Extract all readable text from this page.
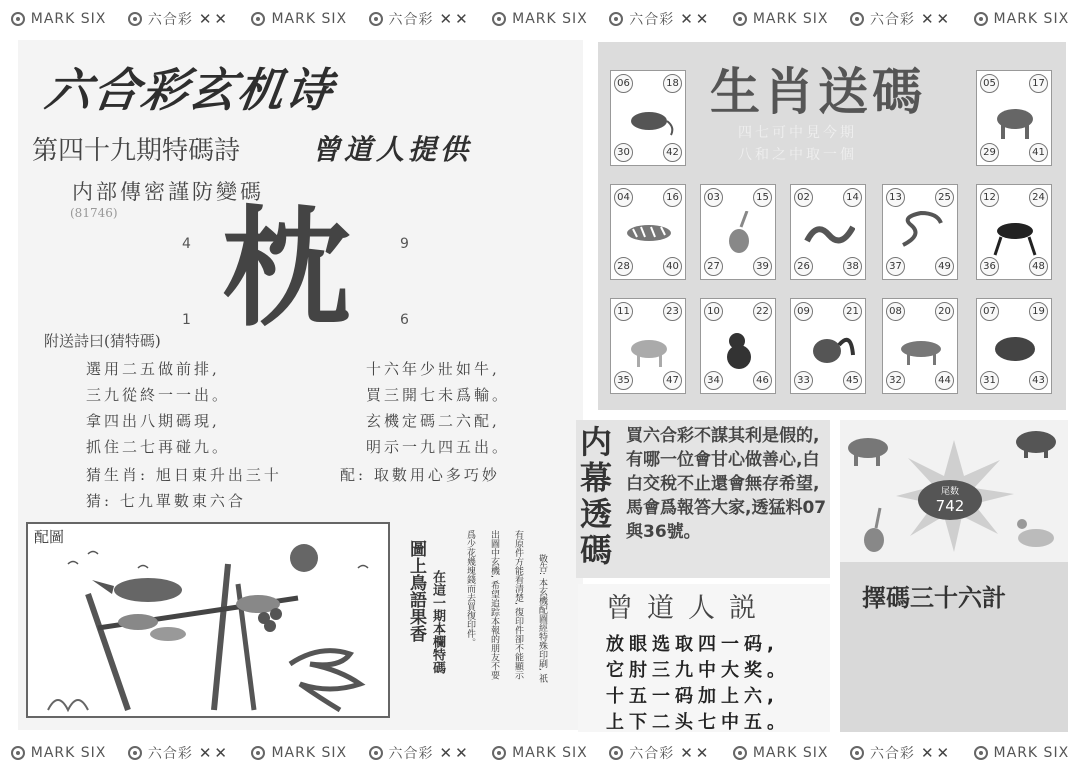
MARK SIX	六合彩 ✕✕	MARK SIX	六合彩 ✕✕	MARK SIX	六合彩 ✕✕	MARK SIX	六合彩 ✕✕	MARK SIX
MARK SIX	六合彩 ✕✕	MARK SIX	六合彩 ✕✕	MARK SIX	六合彩 ✕✕	MARK SIX	六合彩 ✕✕	MARK SIX
六合彩玄机诗
第四十九期特碼詩	曾道人提供
内部傳密謹防變碼
(81746) 枕
4	9
1	6
附送詩曰(猜特碼)
選用二五做前排,
三九從終一一出。
拿四出八期碼現,
抓住二七再碰九。
十六年少壯如牛,
買三開七未爲輸。
玄機定碼二六配,
明示一九四五出。
猜生肖: 旭日東升出三十	配: 取數用心多巧妙
猜: 七九單數東六合
配圖
圖上鳥語果香 在這一期本欄特碼	敬告: 本玄機配圖經特殊印刷, 祇
有原件方能看清楚, 復印件卻不能顯示
出圖中玄機, 希望追踪本報的朋友不要
爲少花幾塊錢而去買復印件。
生肖送碼
四七可中見今期
八和之中取一個
06	18
30	42
05	17
29	41
04	16
28	40
03	15
27	39
02	14
26	38
13	25
37	49
12	24
36	48
11	23
35	47
10	22
34	46
09	21
33	45
08	20
32	44
07	19
31	43
内幕透碼
買六合彩不謀其利是假的,有哪一位會甘心做善心,白白交稅不止還會無存希望,馬會爲報答大家,透猛料07與36號。
曾道人説
放眼选取四一码,
它肘三九中大奖。
十五一码加上六,
上下二头七中五。
尾数
742
擇碼三十六計
